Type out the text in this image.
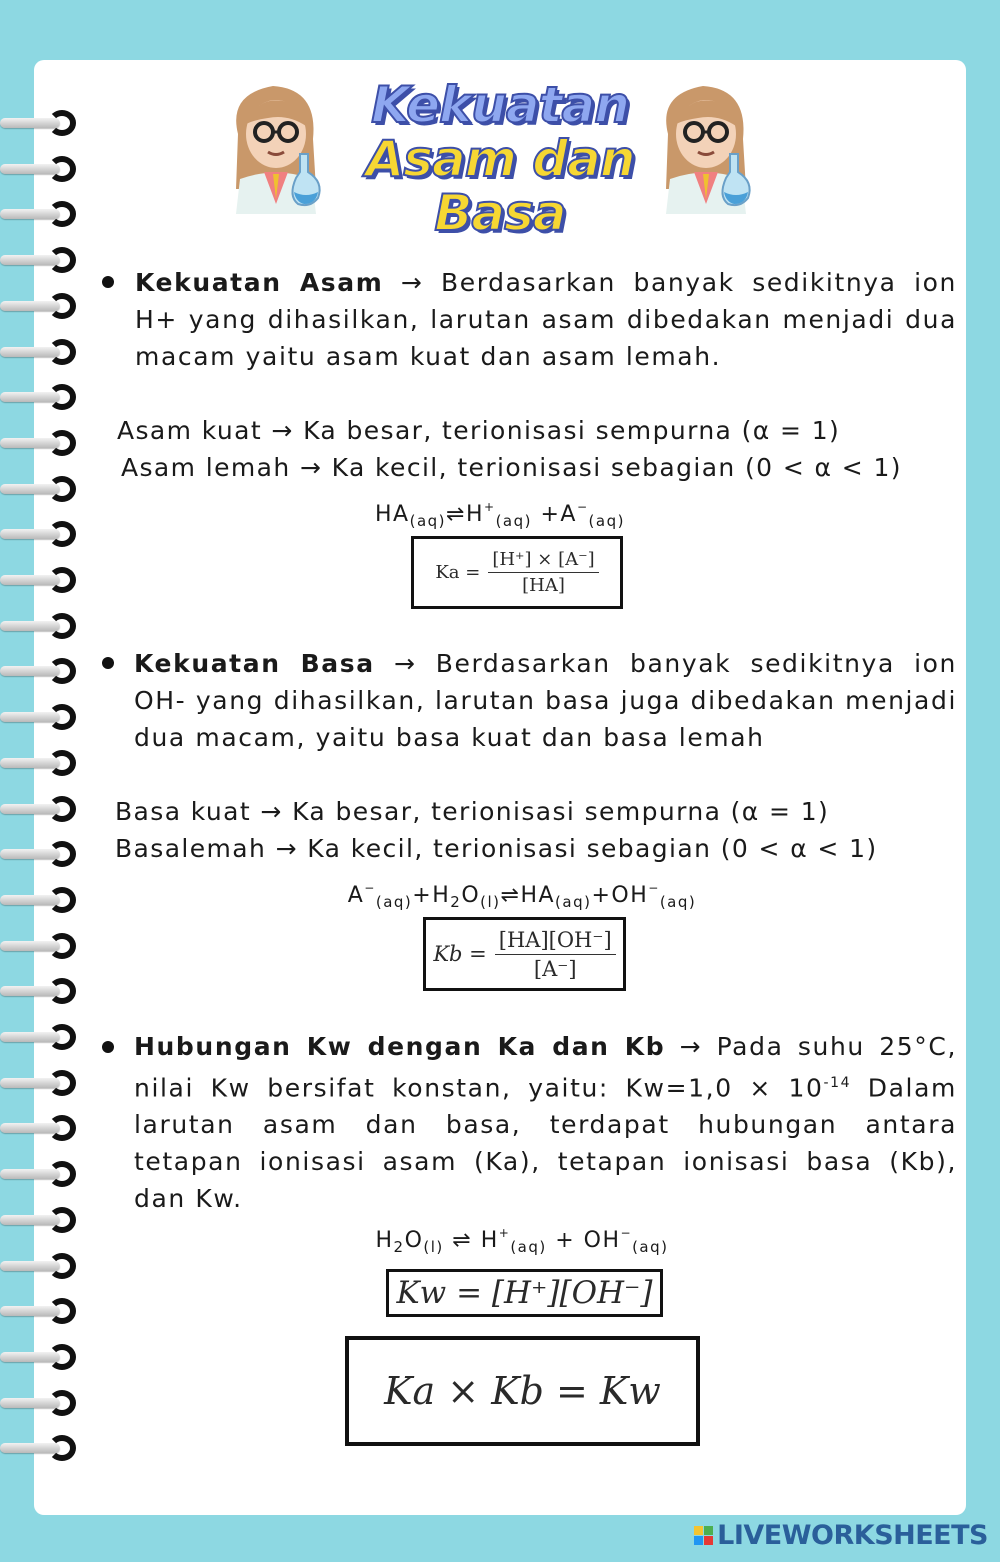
Kekuatan
Asam dan
Basa
Kekuatan Asam → Berdasarkan banyak sedikitnya ion H+ yang dihasilkan, larutan asam dibedakan menjadi dua macam yaitu asam kuat dan asam lemah.
Asam kuat → Ka besar, terionisasi sempurna (α = 1)
Asam lemah → Ka kecil, terionisasi sebagian (0 < α < 1)
$HA_{(aq)}\rightleftharpoons H^+_{(aq)} +A^-_{(aq)}$
$Ka = \frac{[H^+] \times [A^-]}{[HA]}$
Kekuatan Basa → Berdasarkan banyak sedikitnya ion OH- yang dihasilkan, larutan basa juga dibedakan menjadi dua macam, yaitu basa kuat dan basa lemah
Basa kuat → Ka besar, terionisasi sempurna (α = 1)
Basalemah → Ka kecil, terionisasi sebagian (0 < α < 1)
$A^-_{(aq)}+H_2O_{(l)}\rightleftharpoons HA_{(aq)}+OH^-_{(aq)}$
$Kb = \frac{[HA][OH^-]}{[A^-]}$
Hubungan Kw dengan Ka dan Kb → Pada suhu 25°C, nilai Kw bersifat konstan, yaitu: $Kw=1,0 \times 10^{-14}$ Dalam larutan asam dan basa, terdapat hubungan antara tetapan ionisasi asam (Ka), tetapan ionisasi basa (Kb), dan Kw.
$H_2O_{(l)}$ ⇌ $H^+_{(aq)} + OH^-_{(aq)}$
Kw = [H⁺][OH⁻]
Ka × Kb = Kw
LIVEWORKSHEETS
